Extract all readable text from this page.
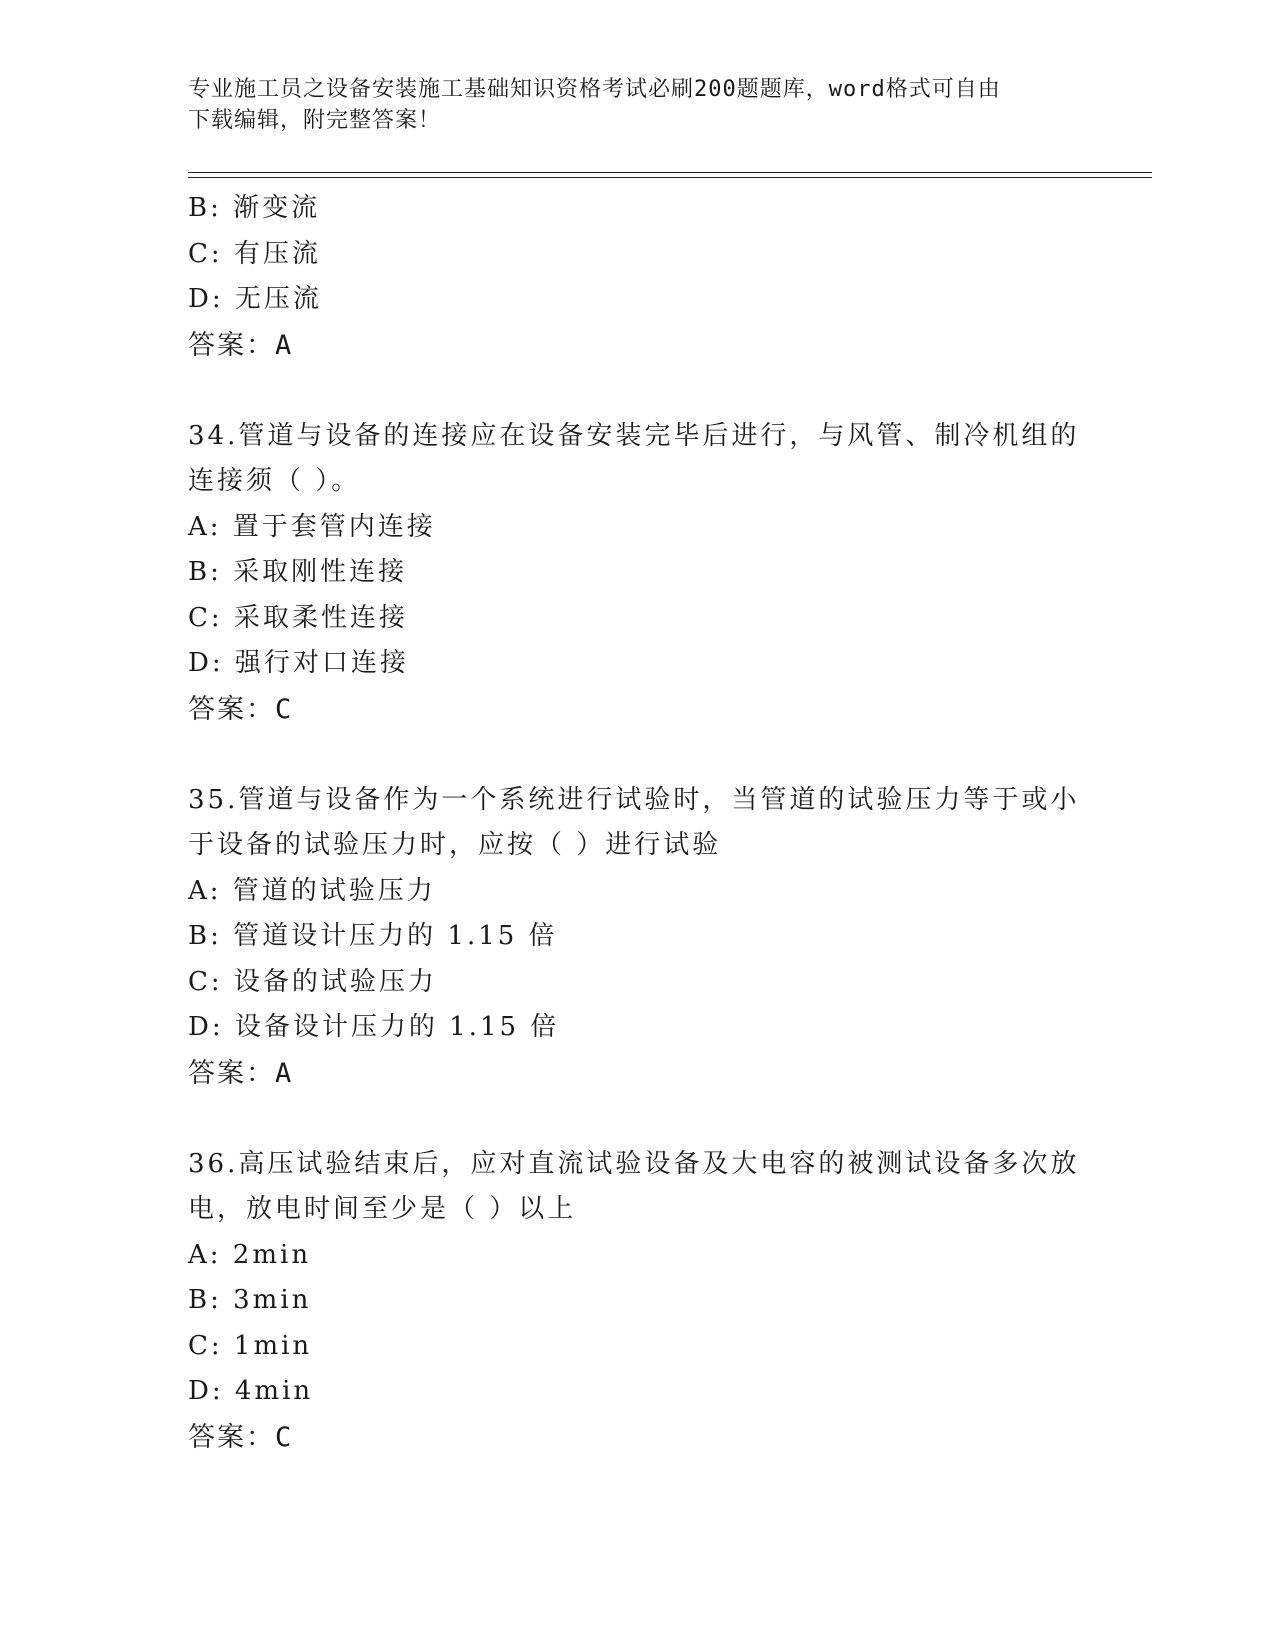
专业施工员之设备安装施工基础知识资格考试必刷200题题库，word格式可自由
下载编辑，附完整答案！
B: 渐变流
C: 有压流
D: 无压流
答案：A
34.管道与设备的连接应在设备安装完毕后进行，与风管、制冷机组的
连接须（ ）。
A: 置于套管内连接
B: 采取刚性连接
C: 采取柔性连接
D: 强行对口连接
答案：C
35.管道与设备作为一个系统进行试验时，当管道的试验压力等于或小
于设备的试验压力时，应按（ ）进行试验
A: 管道的试验压力
B: 管道设计压力的 1.15 倍
C: 设备的试验压力
D: 设备设计压力的 1.15 倍
答案：A
36.高压试验结束后，应对直流试验设备及大电容的被测试设备多次放
电，放电时间至少是（ ）以上
A: 2min
B: 3min
C: 1min
D: 4min
答案：C
